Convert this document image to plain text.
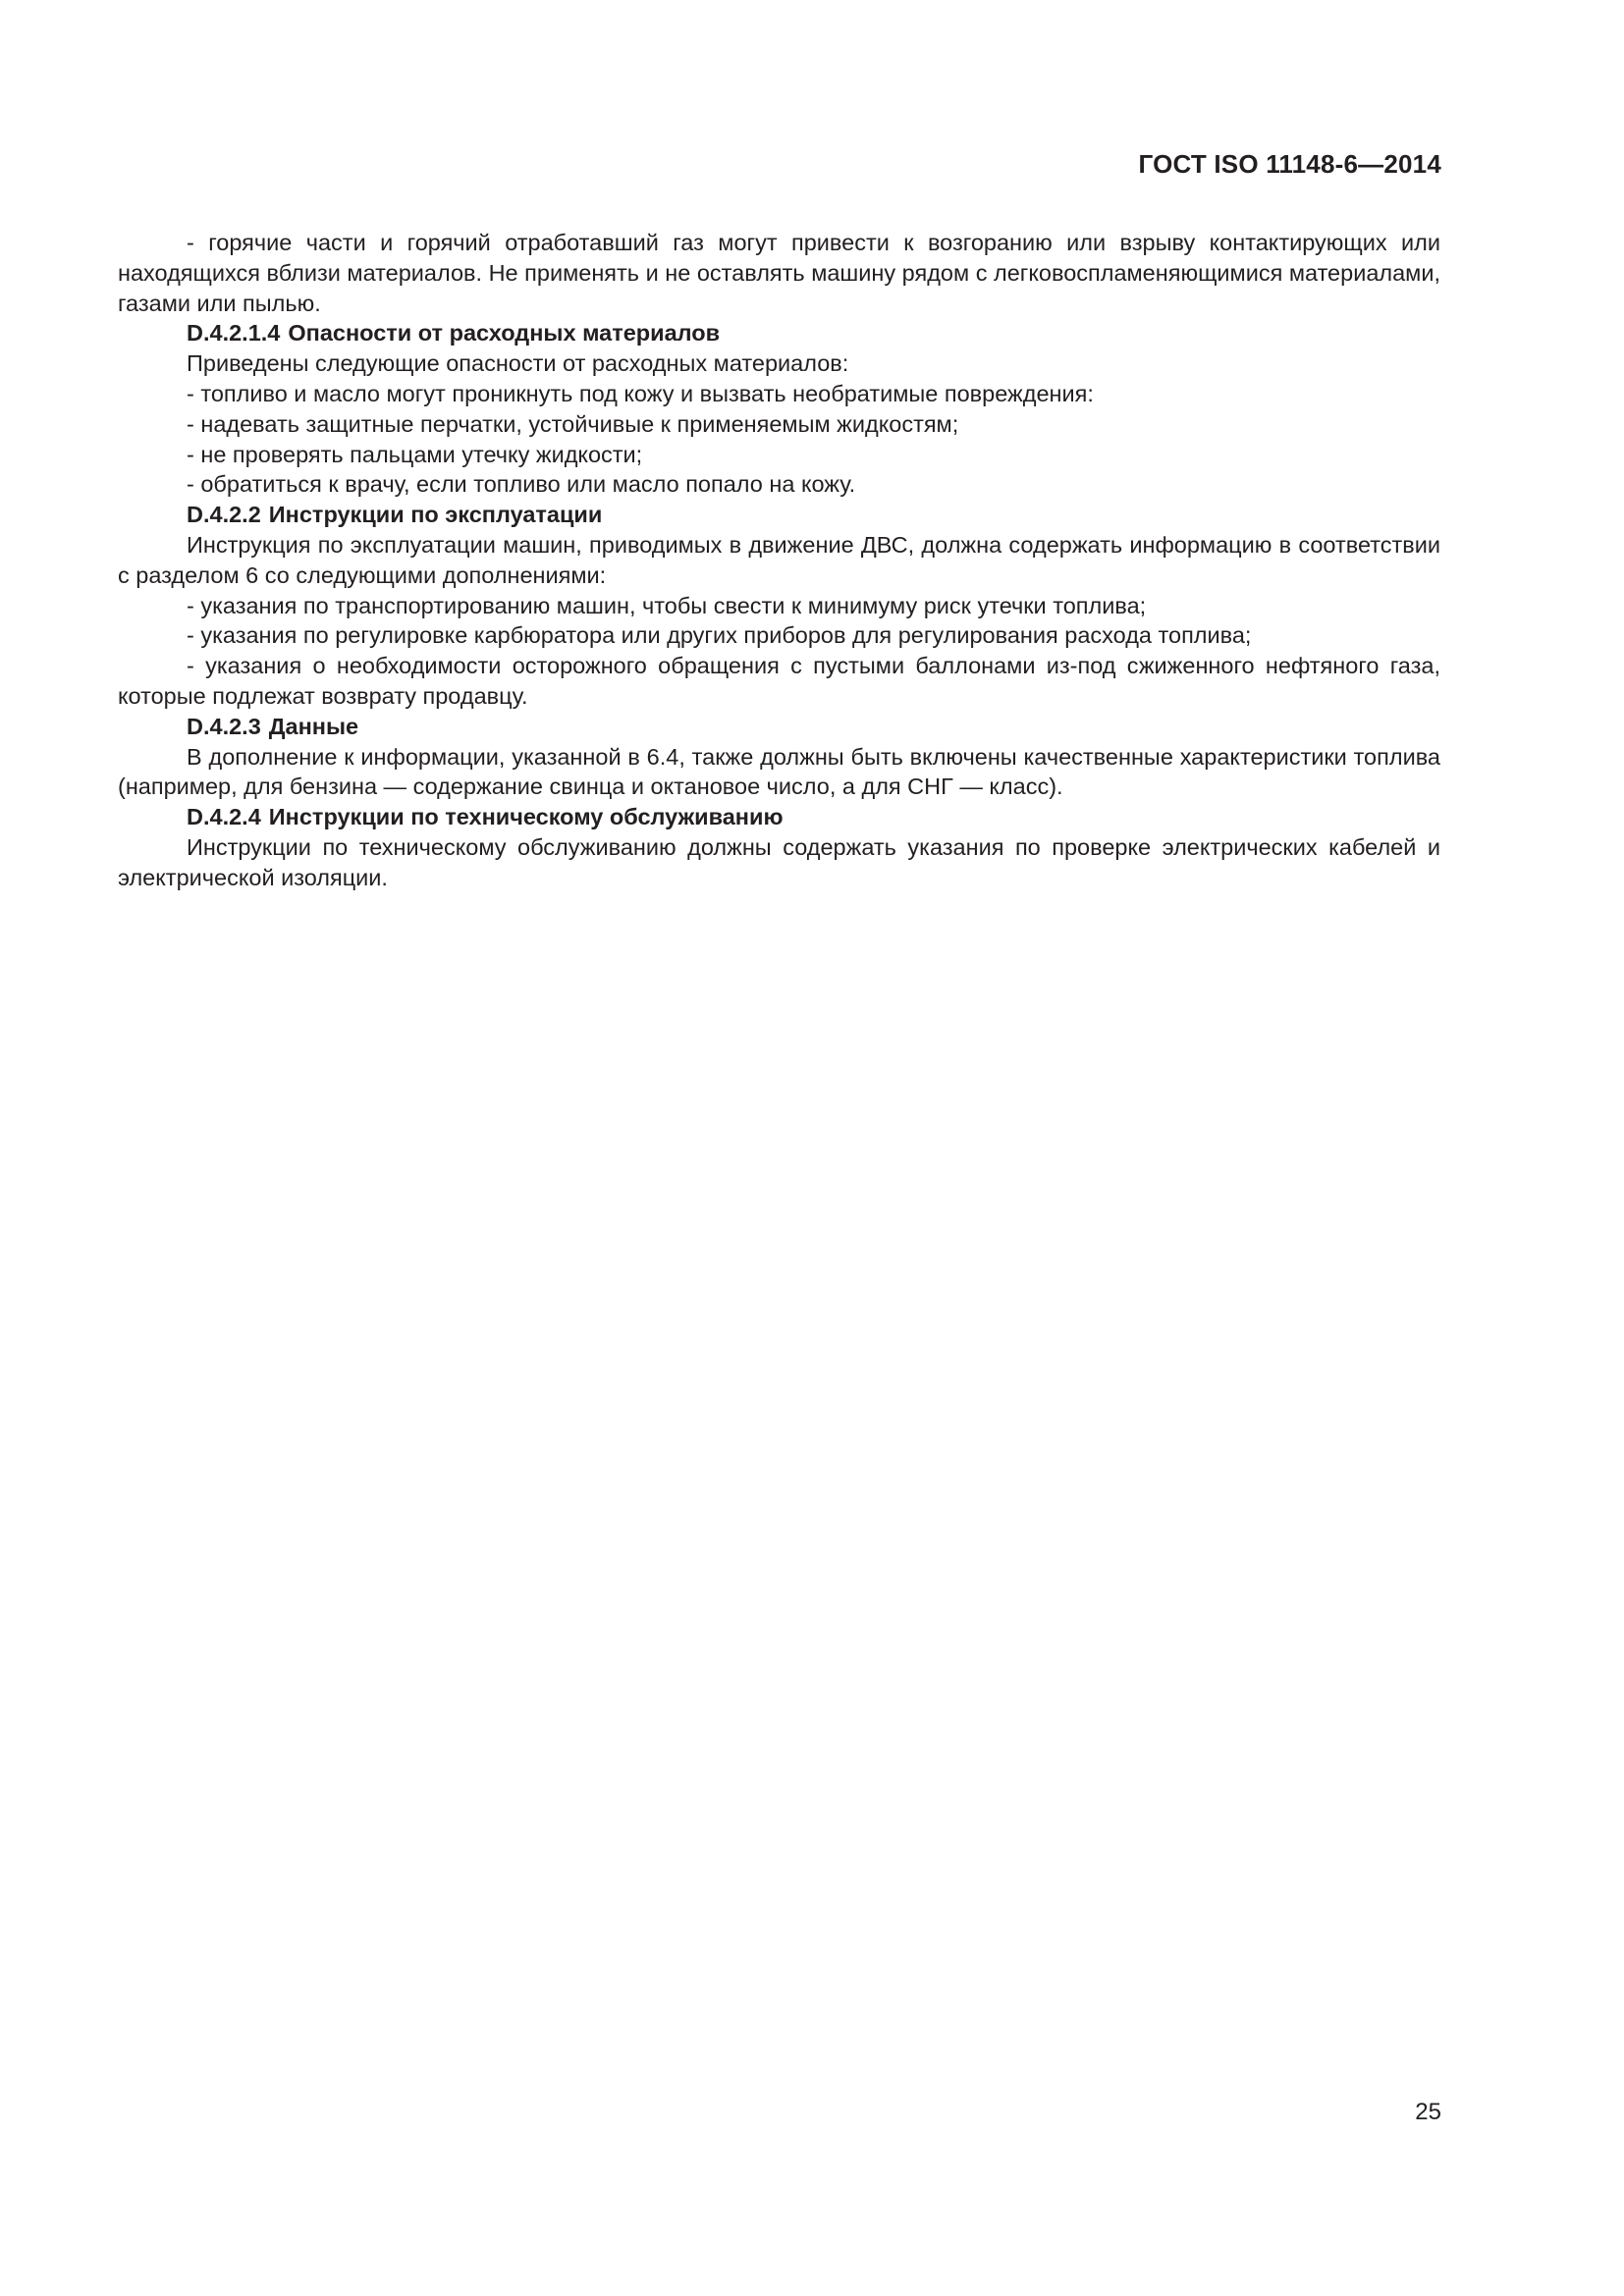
ГОСТ ISO 11148-6—2014

- горячие части и горячий отработавший газ могут привести к возгоранию или взрыву контактирующих или находящихся вблизи материалов. Не применять и не оставлять машину рядом с легковоспламеняющимися материалами, газами или пылью.

D.4.2.1.4 Опасности от расходных материалов

Приведены следующие опасности от расходных материалов:

- топливо и масло могут проникнуть под кожу и вызвать необратимые повреждения:

- надевать защитные перчатки, устойчивые к применяемым жидкостям;

- не проверять пальцами утечку жидкости;

- обратиться к врачу, если топливо или масло попало на кожу.

D.4.2.2 Инструкции по эксплуатации

Инструкция по эксплуатации машин, приводимых в движение ДВС, должна содержать информацию в соответствии с разделом 6 со следующими дополнениями:

- указания по транспортированию машин, чтобы свести к минимуму риск утечки топлива;

- указания по регулировке карбюратора или других приборов для регулирования расхода топлива;

- указания о необходимости осторожного обращения с пустыми баллонами из-под сжиженного нефтяного газа, которые подлежат возврату продавцу.

D.4.2.3 Данные

В дополнение к информации, указанной в 6.4, также должны быть включены качественные характеристики топлива (например, для бензина — содержание свинца и октановое число, а для СНГ — класс).

D.4.2.4 Инструкции по техническому обслуживанию

Инструкции по техническому обслуживанию должны содержать указания по проверке электрических кабелей и электрической изоляции.

25
